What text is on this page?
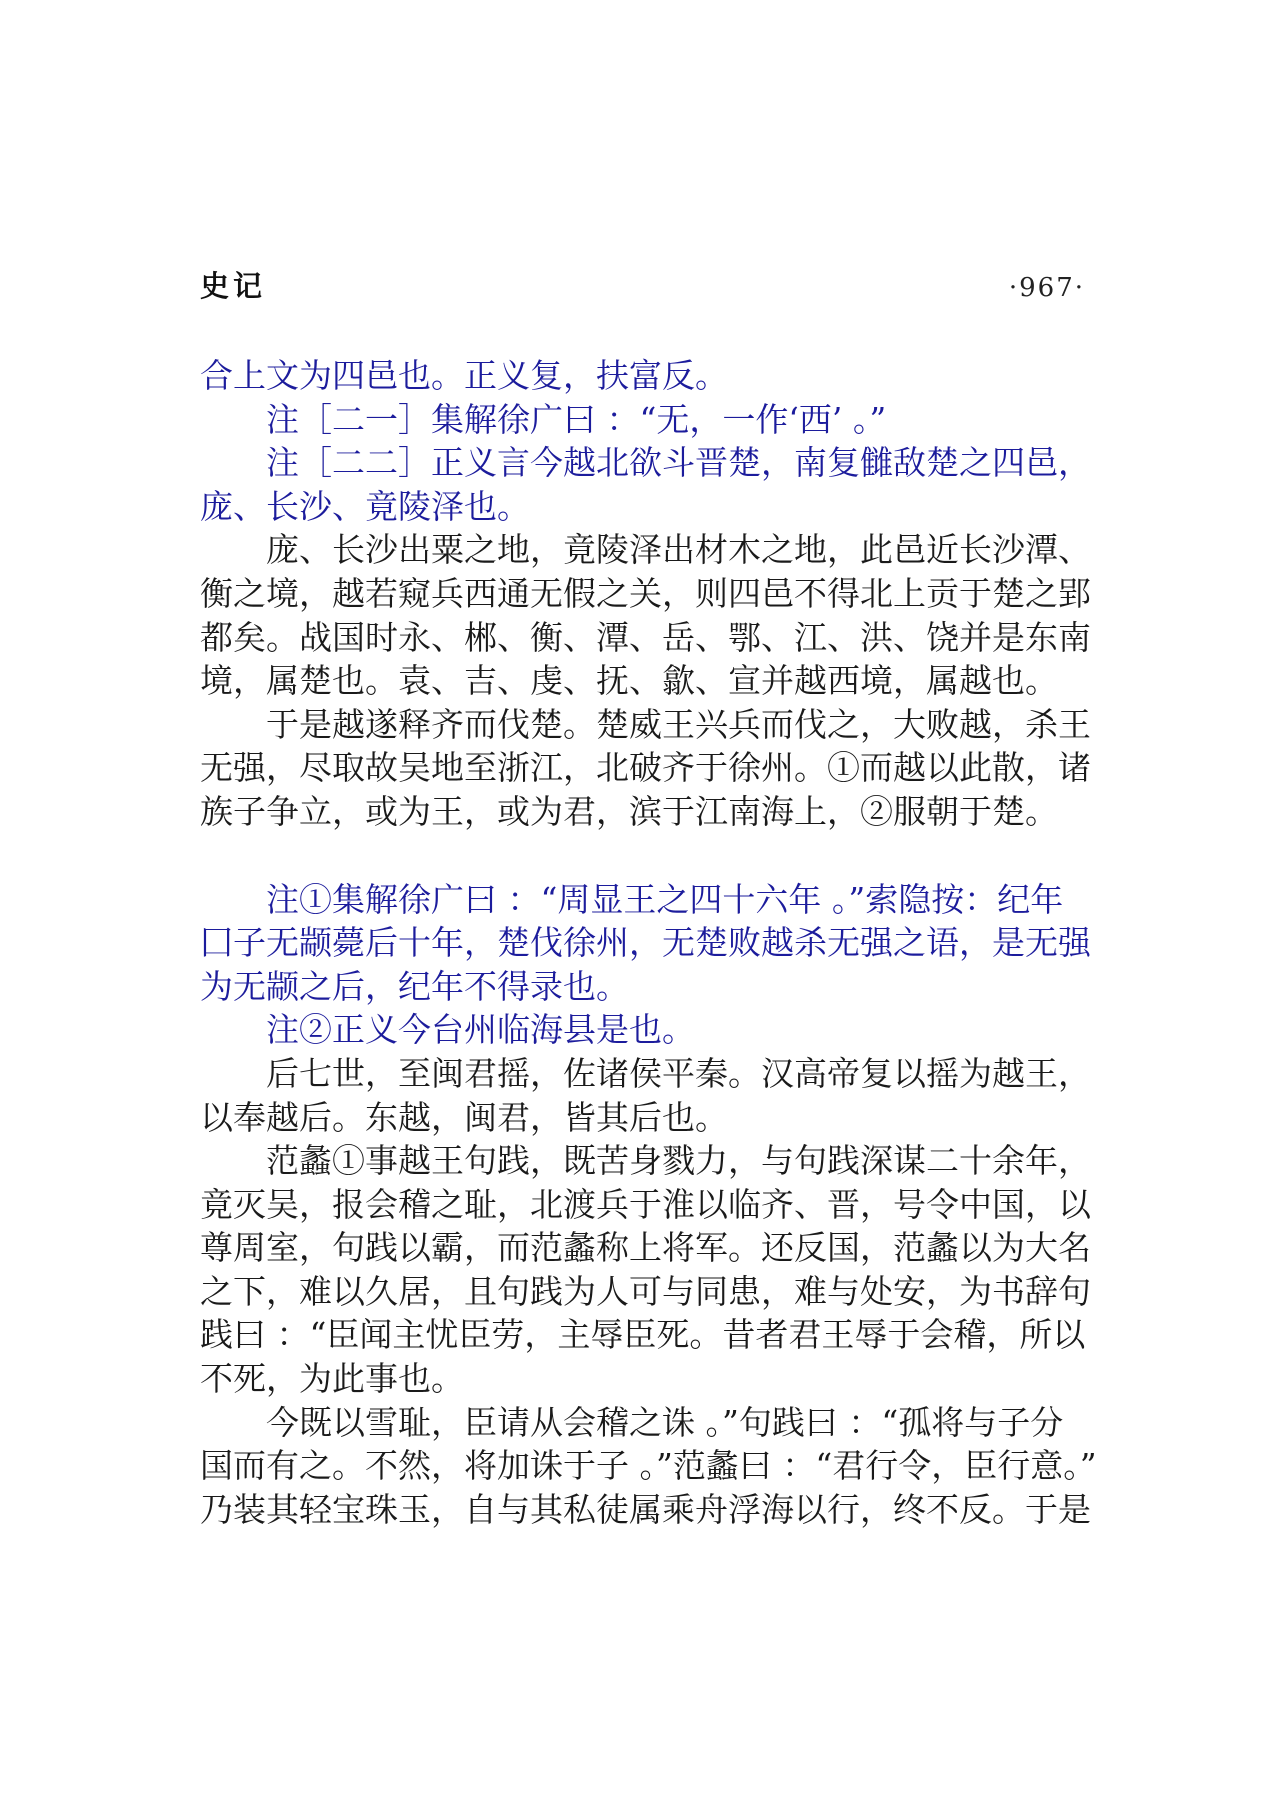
史记	·967·
合上文为四邑也。正义复，扶富反。
注［二一］集解徐广曰 ：“无，一作‘西’ 。”
注［二二］正义言今越北欲斗晋楚，南复雠敌楚之四邑，
庞、长沙、竟陵泽也。
庞、长沙出粟之地，竟陵泽出材木之地，此邑近长沙潭、
衡之境，越若窥兵西通无假之关，则四邑不得北上贡于楚之郢
都矣。战国时永、郴、衡、潭、岳、鄂、江、洪、饶并是东南
境，属楚也。袁、吉、虔、抚、歙、宣并越西境，属越也。
于是越遂释齐而伐楚。楚威王兴兵而伐之，大败越，杀王
无强，尽取故吴地至浙江，北破齐于徐州。①而越以此散，诸
族子争立，或为王，或为君，滨于江南海上，②服朝于楚。
注①集解徐广曰 ：“周显王之四十六年 。”索隐按：纪年
囗子无颛薨后十年，楚伐徐州，无楚败越杀无强之语，是无强
为无颛之后，纪年不得录也。
注②正义今台州临海县是也。
后七世，至闽君摇，佐诸侯平秦。汉高帝复以摇为越王，
以奉越后。东越，闽君，皆其后也。
范蠡①事越王句践，既苦身戮力，与句践深谋二十余年，
竟灭吴，报会稽之耻，北渡兵于淮以临齐、晋，号令中国，以
尊周室，句践以霸，而范蠡称上将军。还反国，范蠡以为大名
之下，难以久居，且句践为人可与同患，难与处安，为书辞句
践曰 ：“臣闻主忧臣劳，主辱臣死。昔者君王辱于会稽，所以
不死，为此事也。
今既以雪耻，臣请从会稽之诛 。”句践曰 ：“孤将与子分
国而有之。不然，将加诛于子 。”范蠡曰 ：“君行令，臣行意。”
乃装其轻宝珠玉，自与其私徒属乘舟浮海以行，终不反。于是
